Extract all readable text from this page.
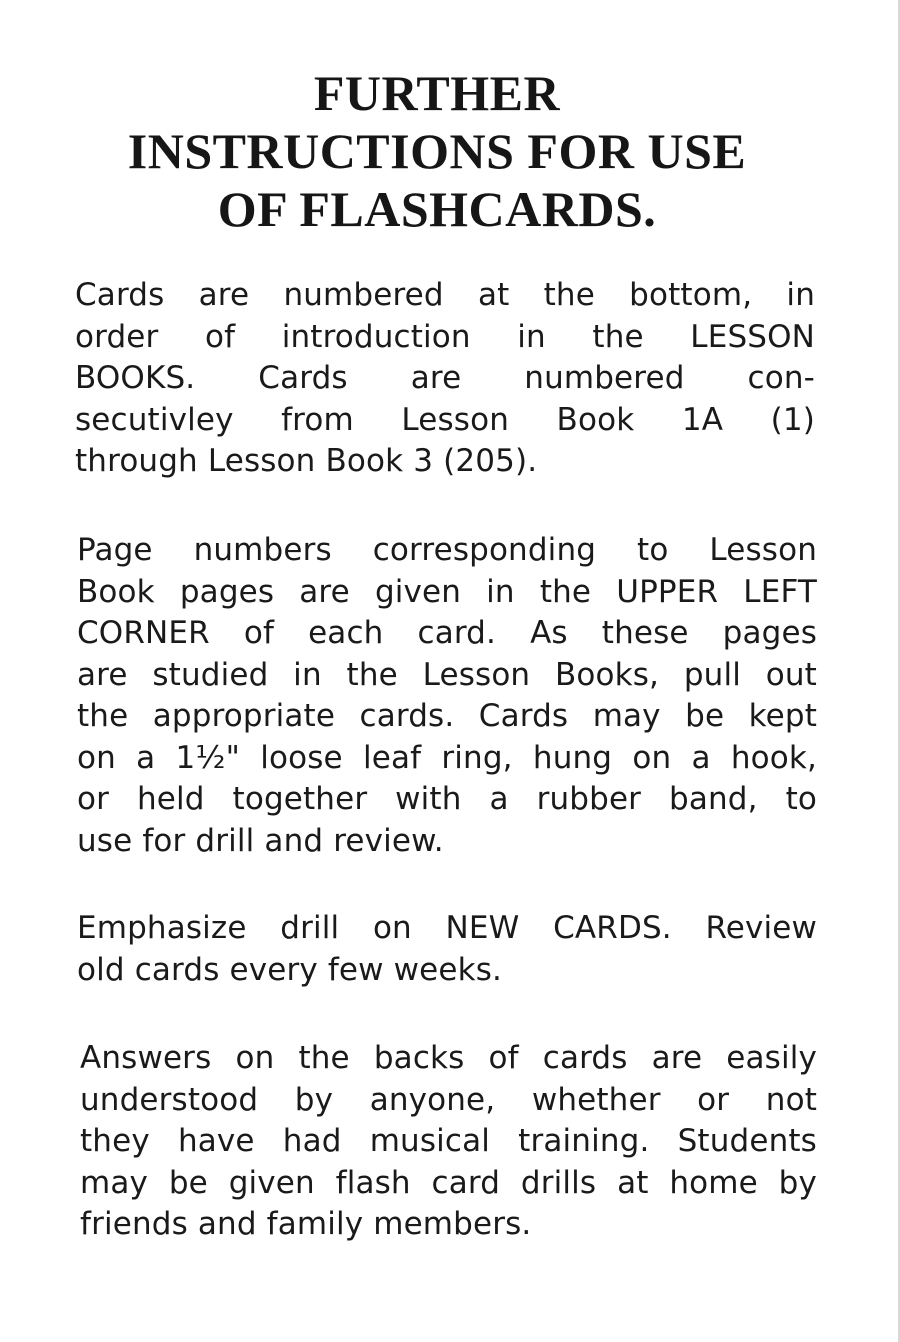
FURTHER
INSTRUCTIONS FOR USE
OF FLASHCARDS.
Cards are numbered at the bottom, in
order of introduction in the LESSON
BOOKS. Cards are numbered con-
secutivley from Lesson Book 1A (1)
through Lesson Book 3 (205).
Page numbers corresponding to Lesson
Book pages are given in the UPPER LEFT
CORNER of each card. As these pages
are studied in the Lesson Books, pull out
the appropriate cards. Cards may be kept
on a 1½" loose leaf ring, hung on a hook,
or held together with a rubber band, to
use for drill and review.
Emphasize drill on NEW CARDS. Review
old cards every few weeks.
Answers on the backs of cards are easily
understood by anyone, whether or not
they have had musical training. Students
may be given flash card drills at home by
friends and family members.
